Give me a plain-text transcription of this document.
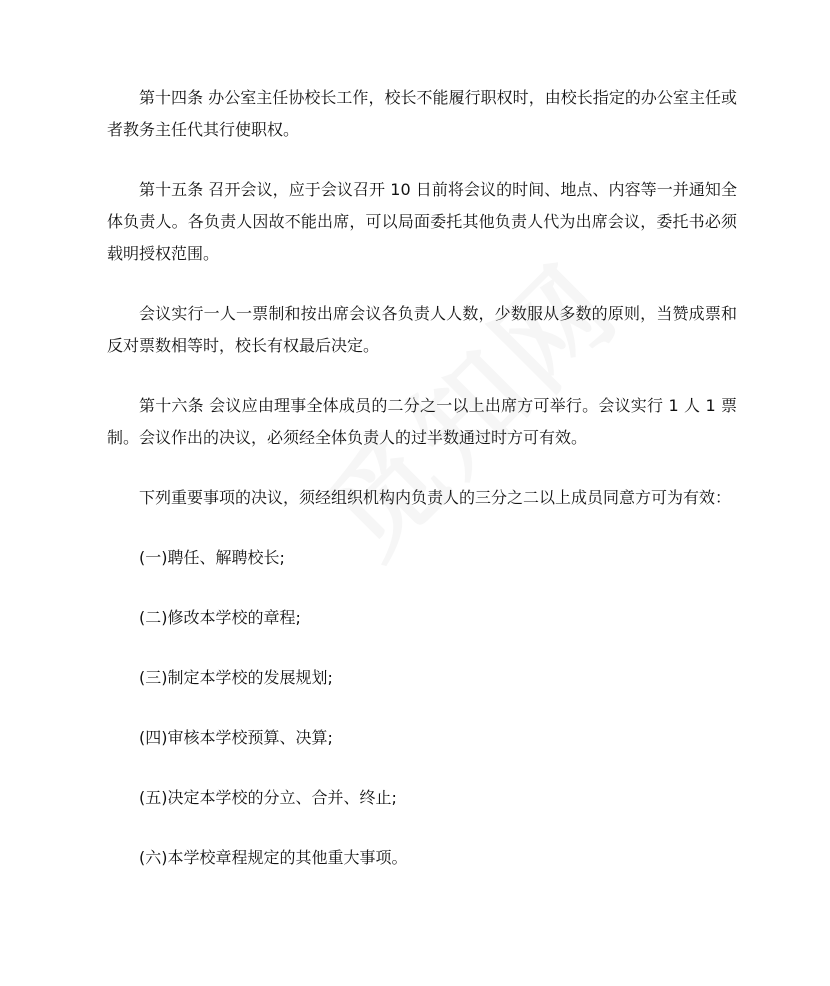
第十四条 办公室主任协校长工作，校长不能履行职权时，由校长指定的办公室主任或者教务主任代其行使职权。

第十五条 召开会议，应于会议召开 10 日前将会议的时间、地点、内容等一并通知全体负责人。各负责人因故不能出席，可以局面委托其他负责人代为出席会议，委托书必须载明授权范围。

会议实行一人一票制和按出席会议各负责人人数，少数服从多数的原则，当赞成票和反对票数相等时，校长有权最后决定。

第十六条 会议应由理事全体成员的二分之一以上出席方可举行。会议实行 1 人 1 票制。会议作出的决议，必须经全体负责人的过半数通过时方可有效。

下列重要事项的决议，须经组织机构内负责人的三分之二以上成员同意方可为有效：

(一)聘任、解聘校长;

(二)修改本学校的章程;

(三)制定本学校的发展规划;

(四)审核本学校预算、决算;

(五)决定本学校的分立、合并、终止;

(六)本学校章程规定的其他重大事项。
